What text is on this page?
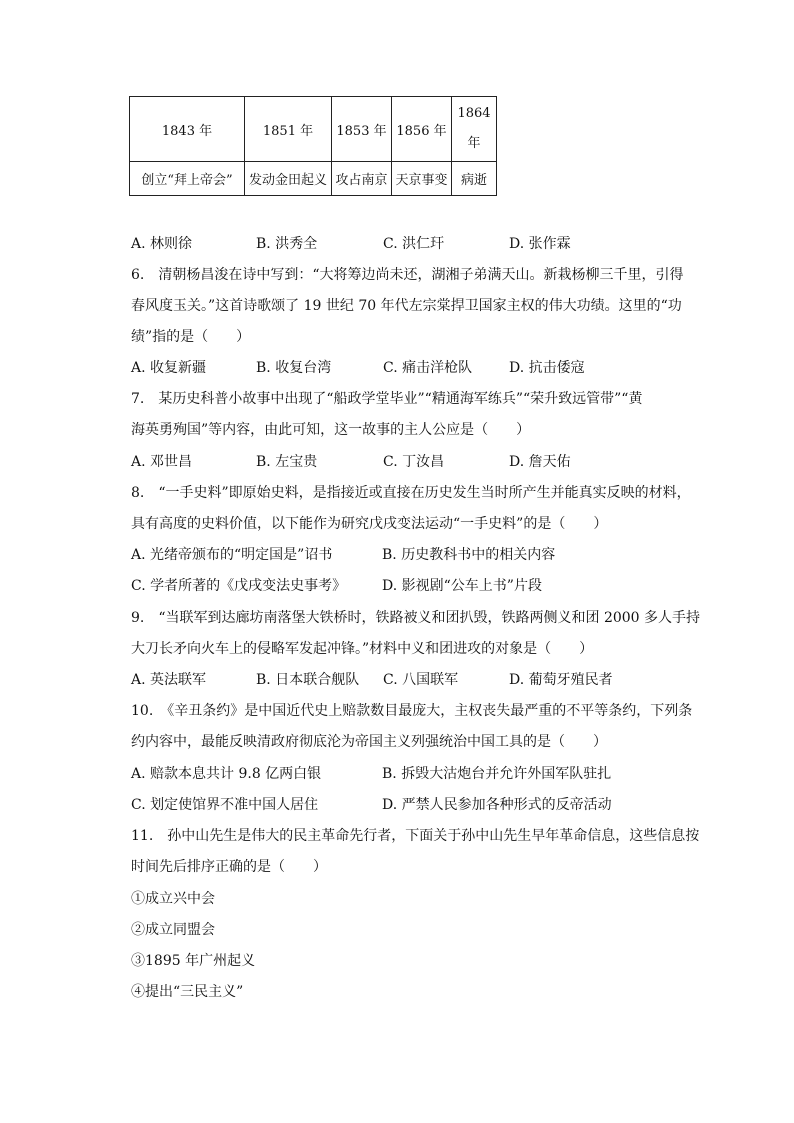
1843 年	1851 年	1853 年	1856 年	1864
年

创立“拜上帝会”	发动金田起义	攻占南京	天京事变	病逝
A. 林则徐	B. 洪秀全	C. 洪仁玕	D. 张作霖
6.　清朝杨昌浚在诗中写到：“大将筹边尚未还，湖湘子弟满天山。新栽杨柳三千里，引得
春风度玉关。”这首诗歌颂了 19 世纪 70 年代左宗棠捍卫国家主权的伟大功绩。这里的“功
绩”指的是（　　）
A. 收复新疆	B. 收复台湾	C. 痛击洋枪队	D. 抗击倭寇
7.　某历史科普小故事中出现了“船政学堂毕业”“精通海军练兵”“荣升致远管带”“黄
海英勇殉国”等内容，由此可知，这一故事的主人公应是（　　）
A. 邓世昌	B. 左宝贵	C. 丁汝昌	D. 詹天佑
8.　“一手史料”即原始史料，是指接近或直接在历史发生当时所产生并能真实反映的材料，
具有高度的史料价值，以下能作为研究戊戌变法运动“一手史料”的是（　　）
A. 光绪帝颁布的“明定国是”诏书	B. 历史教科书中的相关内容
C. 学者所著的《戊戌变法史事考》	D. 影视剧“公车上书”片段
9.　“当联军到达廊坊南落堡大铁桥时，铁路被义和团扒毁，铁路两侧义和团 2000 多人手持
大刀长矛向火车上的侵略军发起冲锋。”材料中义和团进攻的对象是（　　）
A. 英法联军	B. 日本联合舰队 C. 八国联军	D. 葡萄牙殖民者
10.　《辛丑条约》是中国近代史上赔款数目最庞大，主权丧失最严重的不平等条约，下列条
约内容中，最能反映清政府彻底沦为帝国主义列强统治中国工具的是（　　）
A. 赔款本息共计 9.8 亿两白银	B. 拆毁大沽炮台并允许外国军队驻扎
C. 划定使馆界不准中国人居住	D. 严禁人民参加各种形式的反帝活动
11.　孙中山先生是伟大的民主革命先行者，下面关于孙中山先生早年革命信息，这些信息按
时间先后排序正确的是（　　）
①成立兴中会
②成立同盟会
③1895 年广州起义
④提出“三民主义”
